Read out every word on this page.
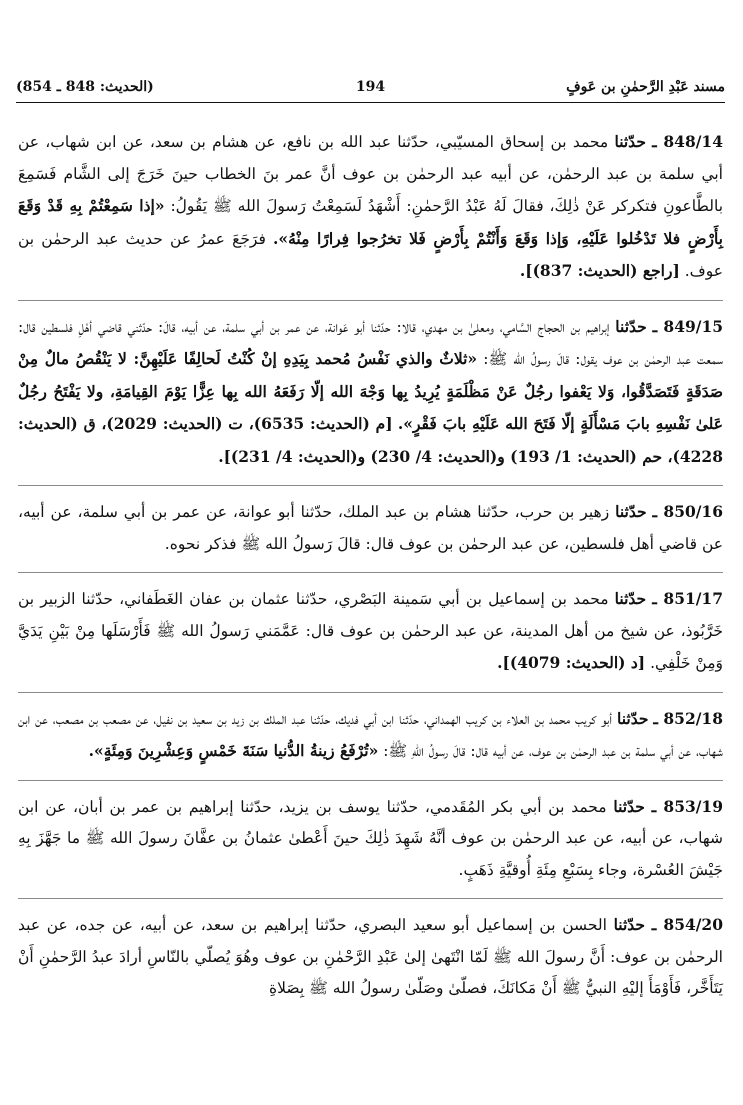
مسند عَبْدِ الرَّحمٰنِ بن عَوفٍ
194
(الحديث: 848 ـ 854)

848/14 ـ حدّثنا محمد بن إسحاق المسيّبي، حدّثنا عبد الله بن نافع، عن هشام بن سعد، عن ابن شهاب، عن أبي سلمة بن عبد الرحمٰن، عن أبيه عبد الرحمٰن بن عوف أنَّ عمر بنَ الخطاب حينَ خَرَجَ إلى الشَّام فَسَمِعَ بالطَّاعونِ فتكركر عَنْ ذٰلِكَ، فقالَ لَهُ عَبْدُ الرَّحمٰنِ: أَشْهَدُ لَسَمِعْتُ رَسولَ الله ﷺ يَقُولُ: «إذا سَمِعْتُمْ بِهِ قَدْ وَقَعَ بِأَرْضٍ فلا تَدْخُلوا عَلَيْهِ، وَإذا وَقَعَ وَأَنْتُمْ بِأَرْضٍ فَلا تخرُجوا فِرارًا مِنْهُ». فرَجَعَ عمرُ عن حديث عبد الرحمٰن بن عوف. [راجع (الحديث: 837)].

849/15 ـ حدّثنا إبراهيم بن الحجاج السَّامي، ومعلىٰ بن مهدي، قالا: حدّثنا أبو عَوانة، عن عمر بن أبي سلمة، عن أبيه، قالَ: حدّثني قاضي أهْلِ فلسطين قال: سمعت عبد الرحمٰن بن عوف يقول: قالَ رسولُ الله ﷺ: «ثلاثٌ والذي نَفْسُ مُحمد بِيَدِهِ إنْ كُنْتُ لَحالِفًا عَلَيْهِنَّ: لا يَنْقُصُ مالٌ مِنْ صَدَقَةٍ فَتَصَدَّقُوا، وَلا يَعْفوا رجُلٌ عَنْ مَظْلَمَةٍ يُرِيدُ بِها وَجْهَ الله إلّا رَفَعَهُ الله بِها عِزًّا يَوْمَ القِيامَةِ، ولا يَفْتَحُ رجُلٌ عَلىٰ نَفْسِهِ بابَ مَسْأَلَةٍ إلّا فَتَحَ الله عَلَيْهِ بابَ فَقْرٍ». [م (الحديث: 6535)، ت (الحديث: 2029)، ق (الحديث: 4228)، حم (الحديث: 1/ 193) و(الحديث: 4/ 230) و(الحديث: 4/ 231)].

850/16 ـ حدّثنا زهير بن حرب، حدّثنا هشام بن عبد الملك، حدّثنا أبو عوانة، عن عمر بن أبي سلمة، عن أبيه، عن قاضي أهل فلسطين، عن عبد الرحمٰن بن عوف قال: قالَ رَسولُ الله ﷺ فذكر نحوه.

851/17 ـ حدّثنا محمد بن إسماعيل بن أبي سَمينة البَصْري، حدّثنا عثمان بن عفان الغَطَفاني، حدّثنا الزبير بن خَرَّبُوذ، عن شيخ من أهل المدينة، عن عبد الرحمٰن بن عوف قال: عَمَّمَني رَسولُ الله ﷺ فَأَرْسَلَها مِنْ بَيْنِ يَدَيَّ وَمِنْ خَلْفِي. [د (الحديث: 4079)].

852/18 ـ حدّثنا أبو كريب محمد بن العلاء بن كريب الهمداني، حدّثنا ابن أبي فديك، حدّثنا عبد الملك بن زيد بن سعيد بن نفيل، عن مصعب بن مصعب، عن ابن شهاب، عن أبي سلمة بن عبد الرحمٰن بن عوف، عن أبيه قال: قالَ رسولُ اللهِ ﷺ: «تُرْفَعُ زينةُ الدُّنيا سَنَةَ خَمْسٍ وَعِشْرِينَ وَمِئَةٍ».

853/19 ـ حدّثنا محمد بن أبي بكر المُقَدمي، حدّثنا يوسف بن يزيد، حدّثنا إبراهيم بن عمر بن أبان، عن ابن شهاب، عن أبيه، عن عبد الرحمٰن بن عوف أنَّهُ شَهِدَ ذٰلِكَ حينَ أَعْطىٰ عثمانُ بن عفَّانَ رسولَ الله ﷺ ما جَهَّزَ بِهِ جَيْشَ العُسْرة، وجاء بِسَبْعِ مِئَةِ أُوقيَّةِ ذَهَبٍ.

854/20 ـ حدّثنا الحسن بن إسماعيل أبو سعيد البصري، حدّثنا إبراهيم بن سعد، عن أبيه، عن جده، عن عبد الرحمٰن بن عوف: أَنَّ رسولَ الله ﷺ لَمّا انْتَهىٰ إلىٰ عَبْدِ الرَّحْمٰنِ بن عوف وهُوَ يُصلّي بالنّاسِ أرادَ عبدُ الرَّحمٰنِ أَنْ يَتَأَخَّر، فَأَوْمَأَ إليْهِ النبيُّ ﷺ أَنْ مَكانَكَ، فصلّىٰ وصَلّىٰ رسولُ الله ﷺ بِصَلاةِ
